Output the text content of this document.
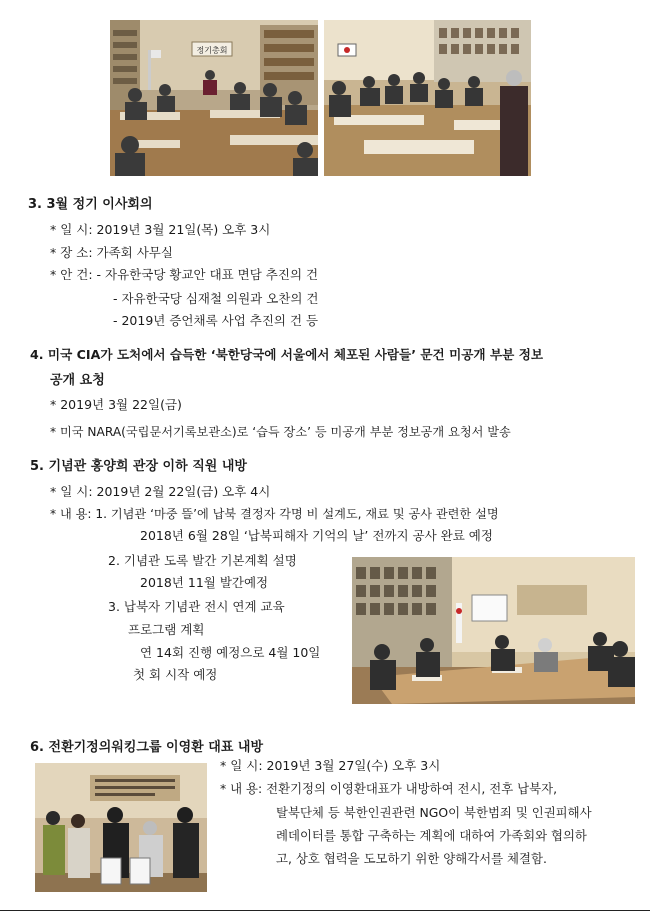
정기총회
3. 3월 정기 이사회의
* 일 시: 2019년 3월 21일(목) 오후 3시
* 장 소: 가족회 사무실
* 안 건: - 자유한국당 황교안 대표 면담 추진의 건
- 자유한국당 심재철 의원과 오찬의 건
- 2019년 증언채록 사업 추진의 건 등
4. 미국 CIA가 도처에서 습득한 ‘북한당국에 서울에서 체포된 사람들’ 문건 미공개 부분 정보
공개 요청
* 2019년 3월 22일(금)
* 미국 NARA(국립문서기록보관소)로 ‘습득 장소’ 등 미공개 부분 정보공개 요청서 발송
5. 기념관 홍양희 관장 이하 직원 내방
* 일 시: 2019년 2월 22일(금) 오후 4시
* 내 용: 1. 기념관 ‘마중 뜰’에 납북 결정자 각명 비 설계도, 재료 및 공사 관련한 설명
2018년 6월 28일 ‘납북피해자 기억의 날’ 전까지 공사 완료 예정
2. 기념관 도록 발간 기본계획 설명
2018년 11월 발간예정
3. 납북자 기념관 전시 연계 교육
프로그램 계획
연 14회 진행 예정으로 4월 10일
첫 회 시작 예정
6. 전환기정의워킹그룹 이영환 대표 내방
* 일 시: 2019년 3월 27일(수) 오후 3시
* 내 용: 전환기정의 이영환대표가 내방하여 전시, 전후 납북자,
탈북단체 등 북한인권관련 NGO이 북한범죄 및 인권피해사
례데이터를 통합 구축하는 계획에 대하여 가족회와 협의하
고, 상호 협력을 도모하기 위한 양해각서를 체결함.
